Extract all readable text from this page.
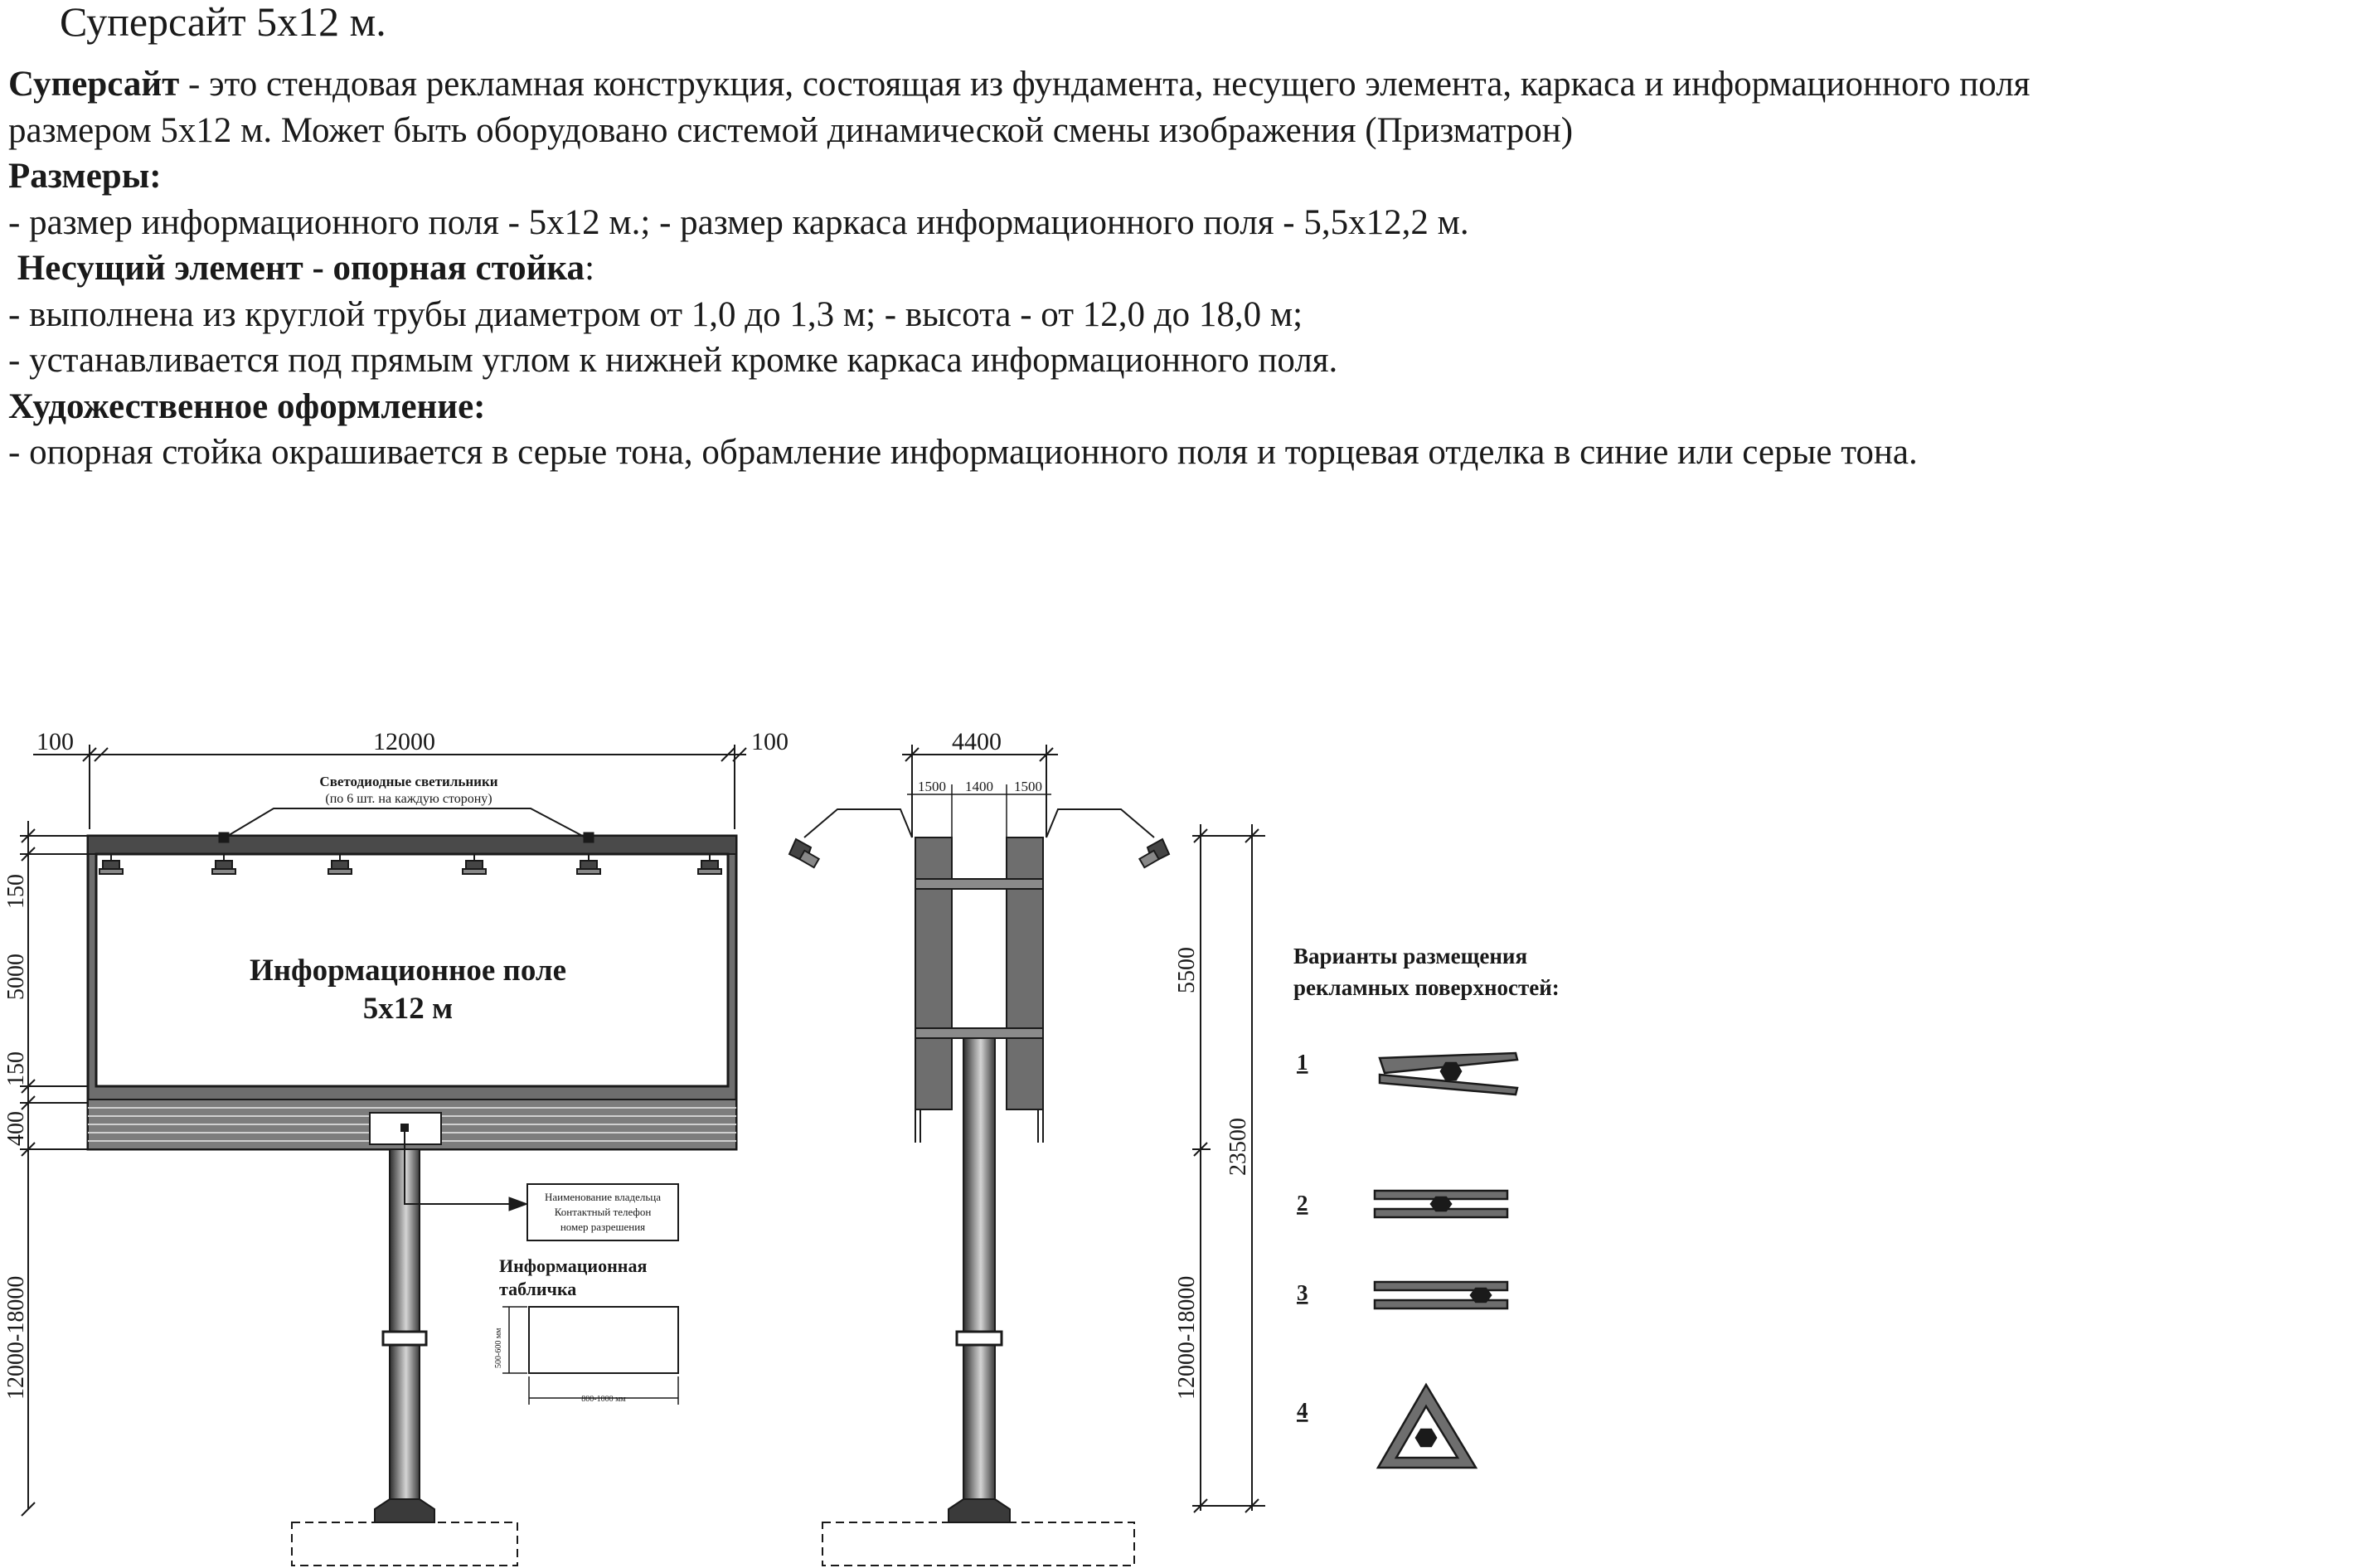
Суперсайт 5х12 м.

Суперсайт - это стендовая рекламная конструкция, состоящая из фундамента, несущего элемента, каркаса и информационного поля

размером 5х12 м. Может быть оборудовано системой динамической смены изображения (Призматрон)

Размеры:

- размер информационного поля - 5х12 м.; - размер каркаса информационного поля - 5,5х12,2 м.

Несущий элемент - опорная стойка:

- выполнена из круглой трубы диаметром от 1,0 до 1,3 м; - высота - от 12,0 до 18,0 м;

- устанавливается под прямым углом к нижней кромке каркаса информационного поля.

Художественное оформление:

- опорная стойка окрашивается в серые тона, обрамление информационного поля и торцевая отделка в синие или серые тона.

100	12000	100
Светодиодные светильники
(по 6 шт. на каждую сторону)
Информационное поле
5х12 м
150
5000
150
400
12000-18000
Наименование владельца
Контактный телефон
номер разрешения
Информационная
табличка
500-600 мм
800-1000 мм
4400
1500 1400 1500
5500
12000-18000
23500
Варианты размещения
рекламных поверхностей:
1
2
3
4
